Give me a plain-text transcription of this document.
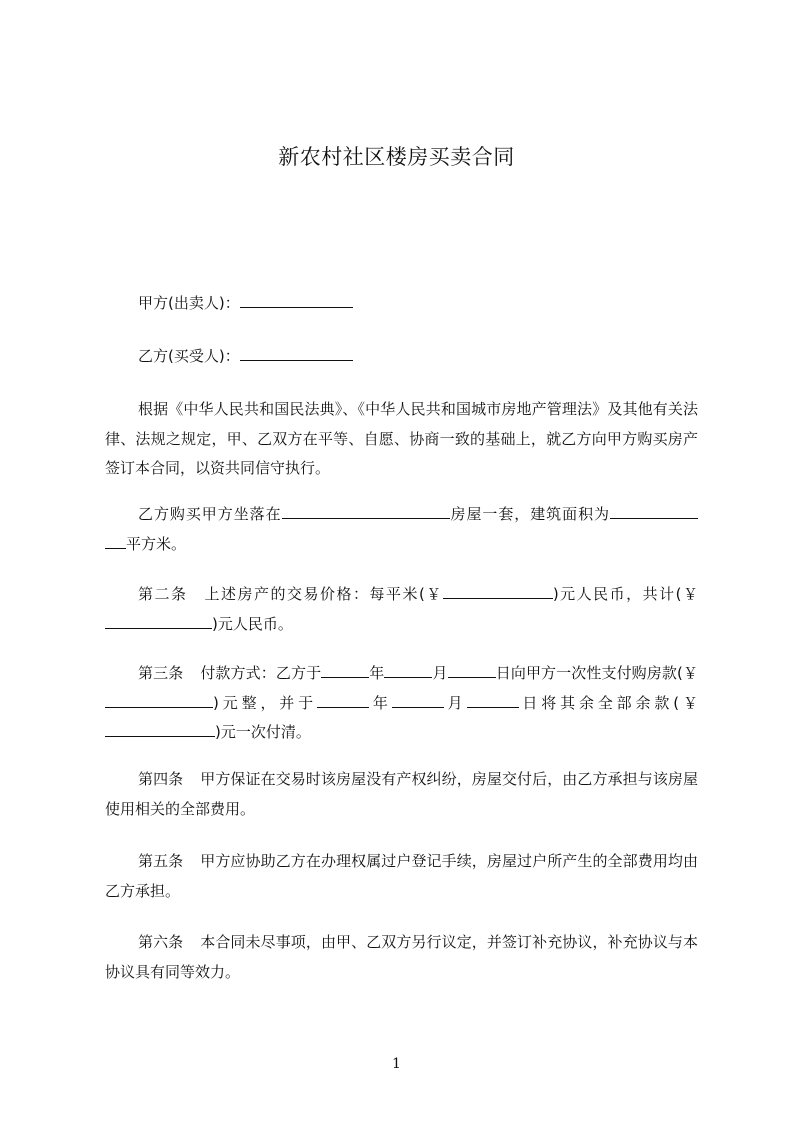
新农村社区楼房买卖合同
甲方(出卖人)：
乙方(买受人)：
根据《中华人民共和国民法典》、《中华人民共和国城市房地产管理法》及其他有关法律、法规之规定，甲、乙双方在平等、自愿、协商一致的基础上，就乙方向甲方购买房产签订本合同，以资共同信守执行。
乙方购买甲方坐落在	房屋一套，建筑面积为平方米。
第二条 上述房产的交易价格：每平米(￥	)元人民币，共计(￥)元人民币。
第三条 付款方式：乙方于	年	月	日向甲方一次性支付购房款(￥)元整，并于	年	月	日将其余全部余款(￥)元一次付清。
第四条 甲方保证在交易时该房屋没有产权纠纷，房屋交付后，由乙方承担与该房屋使用相关的全部费用。
第五条 甲方应协助乙方在办理权属过户登记手续，房屋过户所产生的全部费用均由乙方承担。
第六条 本合同未尽事项，由甲、乙双方另行议定，并签订补充协议，补充协议与本协议具有同等效力。
1
